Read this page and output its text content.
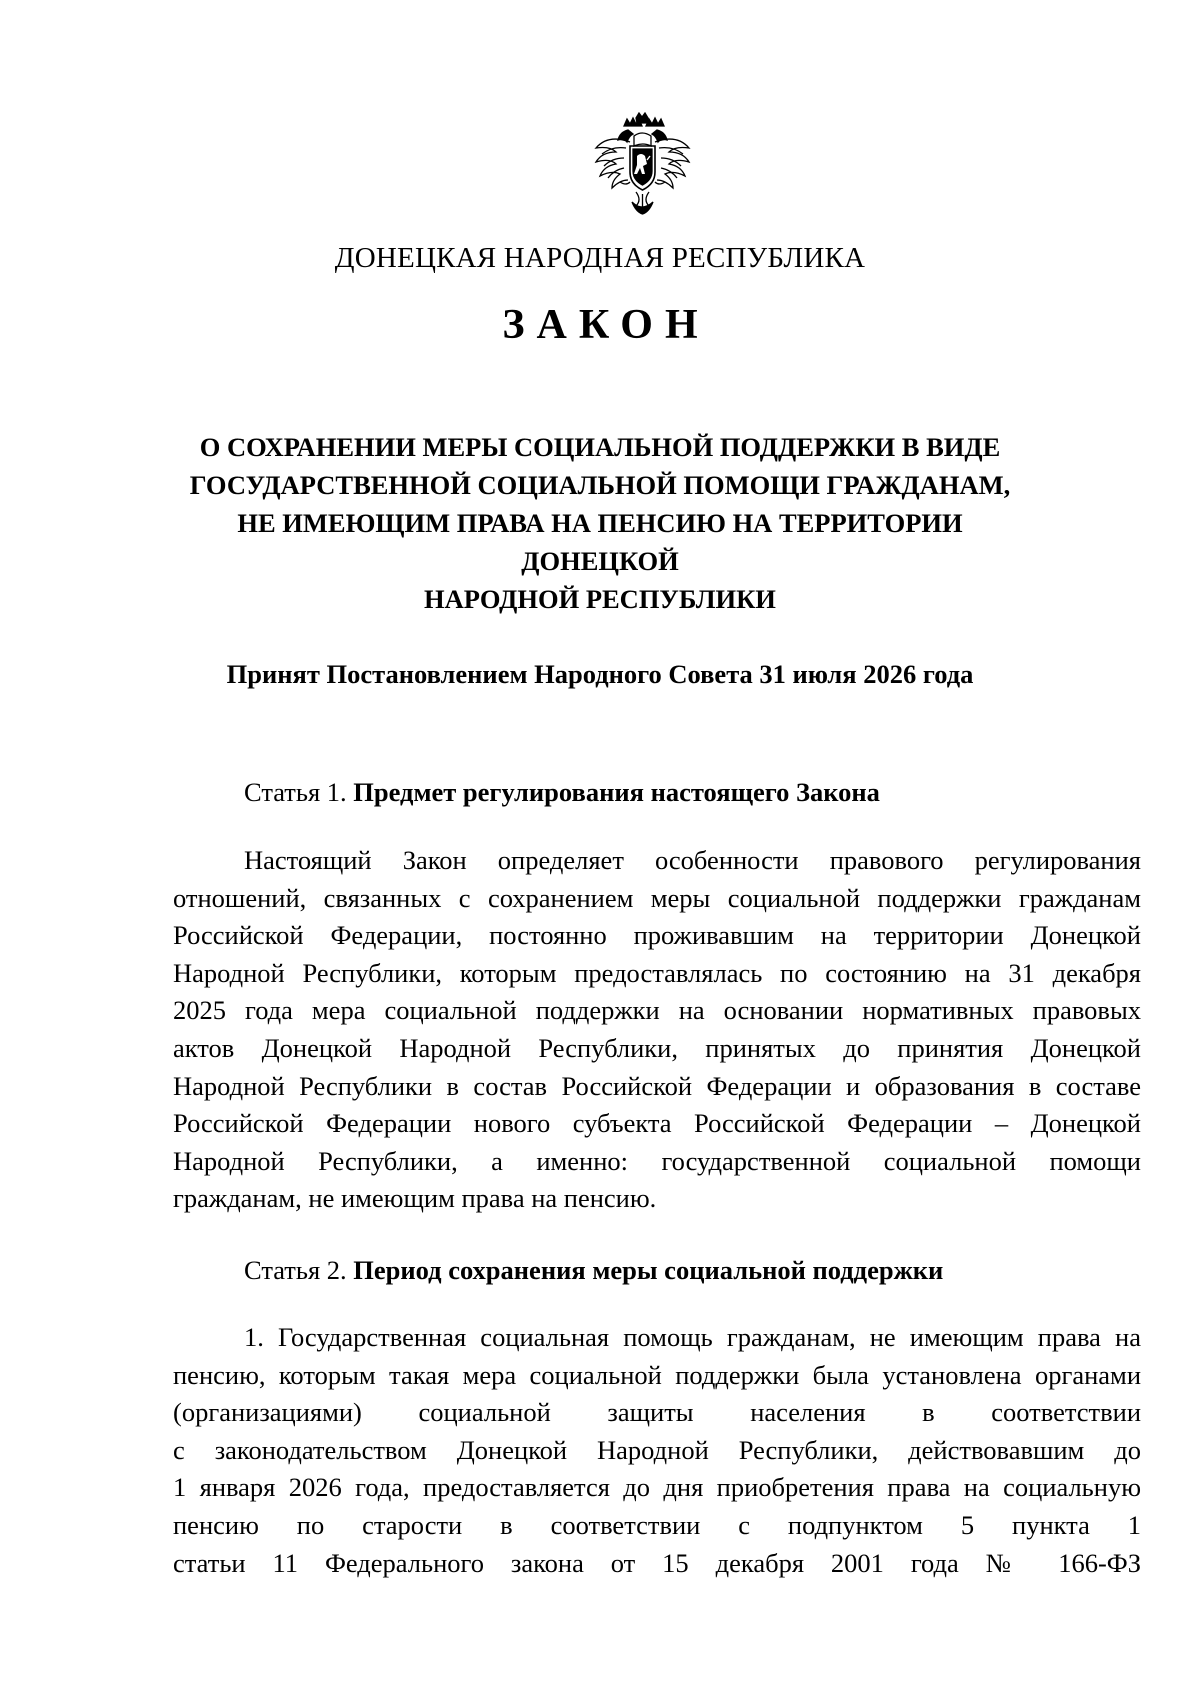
ДОНЕЦКАЯ НАРОДНАЯ РЕСПУБЛИКА
ЗАКОН
О СОХРАНЕНИИ МЕРЫ СОЦИАЛЬНОЙ ПОДДЕРЖКИ В ВИДЕ
ГОСУДАРСТВЕННОЙ СОЦИАЛЬНОЙ ПОМОЩИ ГРАЖДАНАМ,
НЕ ИМЕЮЩИМ ПРАВА НА ПЕНСИЮ НА ТЕРРИТОРИИ ДОНЕЦКОЙ
НАРОДНОЙ РЕСПУБЛИКИ
Принят Постановлением Народного Совета 31 июля 2026 года
Статья 1. Предмет регулирования настоящего Закона
Настоящий Закон определяет особенности правового регулирования
отношений, связанных с сохранением меры социальной поддержки гражданам
Российской Федерации, постоянно проживавшим на территории Донецкой
Народной Республики, которым предоставлялась по состоянию на 31 декабря
2025 года мера социальной поддержки на основании нормативных правовых
актов Донецкой Народной Республики, принятых до принятия Донецкой
Народной Республики в состав Российской Федерации и образования в составе
Российской Федерации нового субъекта Российской Федерации – Донецкой
Народной Республики, а именно: государственной социальной помощи
гражданам, не имеющим права на пенсию.
Статья 2. Период сохранения меры социальной поддержки
1. Государственная социальная помощь гражданам, не имеющим права на
пенсию, которым такая мера социальной поддержки была установлена органами
(организациями) социальной защиты населения в соответствии
с законодательством Донецкой Народной Республики, действовавшим до
1 января 2026 года, предоставляется до дня приобретения права на социальную
пенсию по старости в соответствии с подпунктом 5 пункта 1
статьи 11 Федерального закона от 15 декабря 2001 года № 166-ФЗ
